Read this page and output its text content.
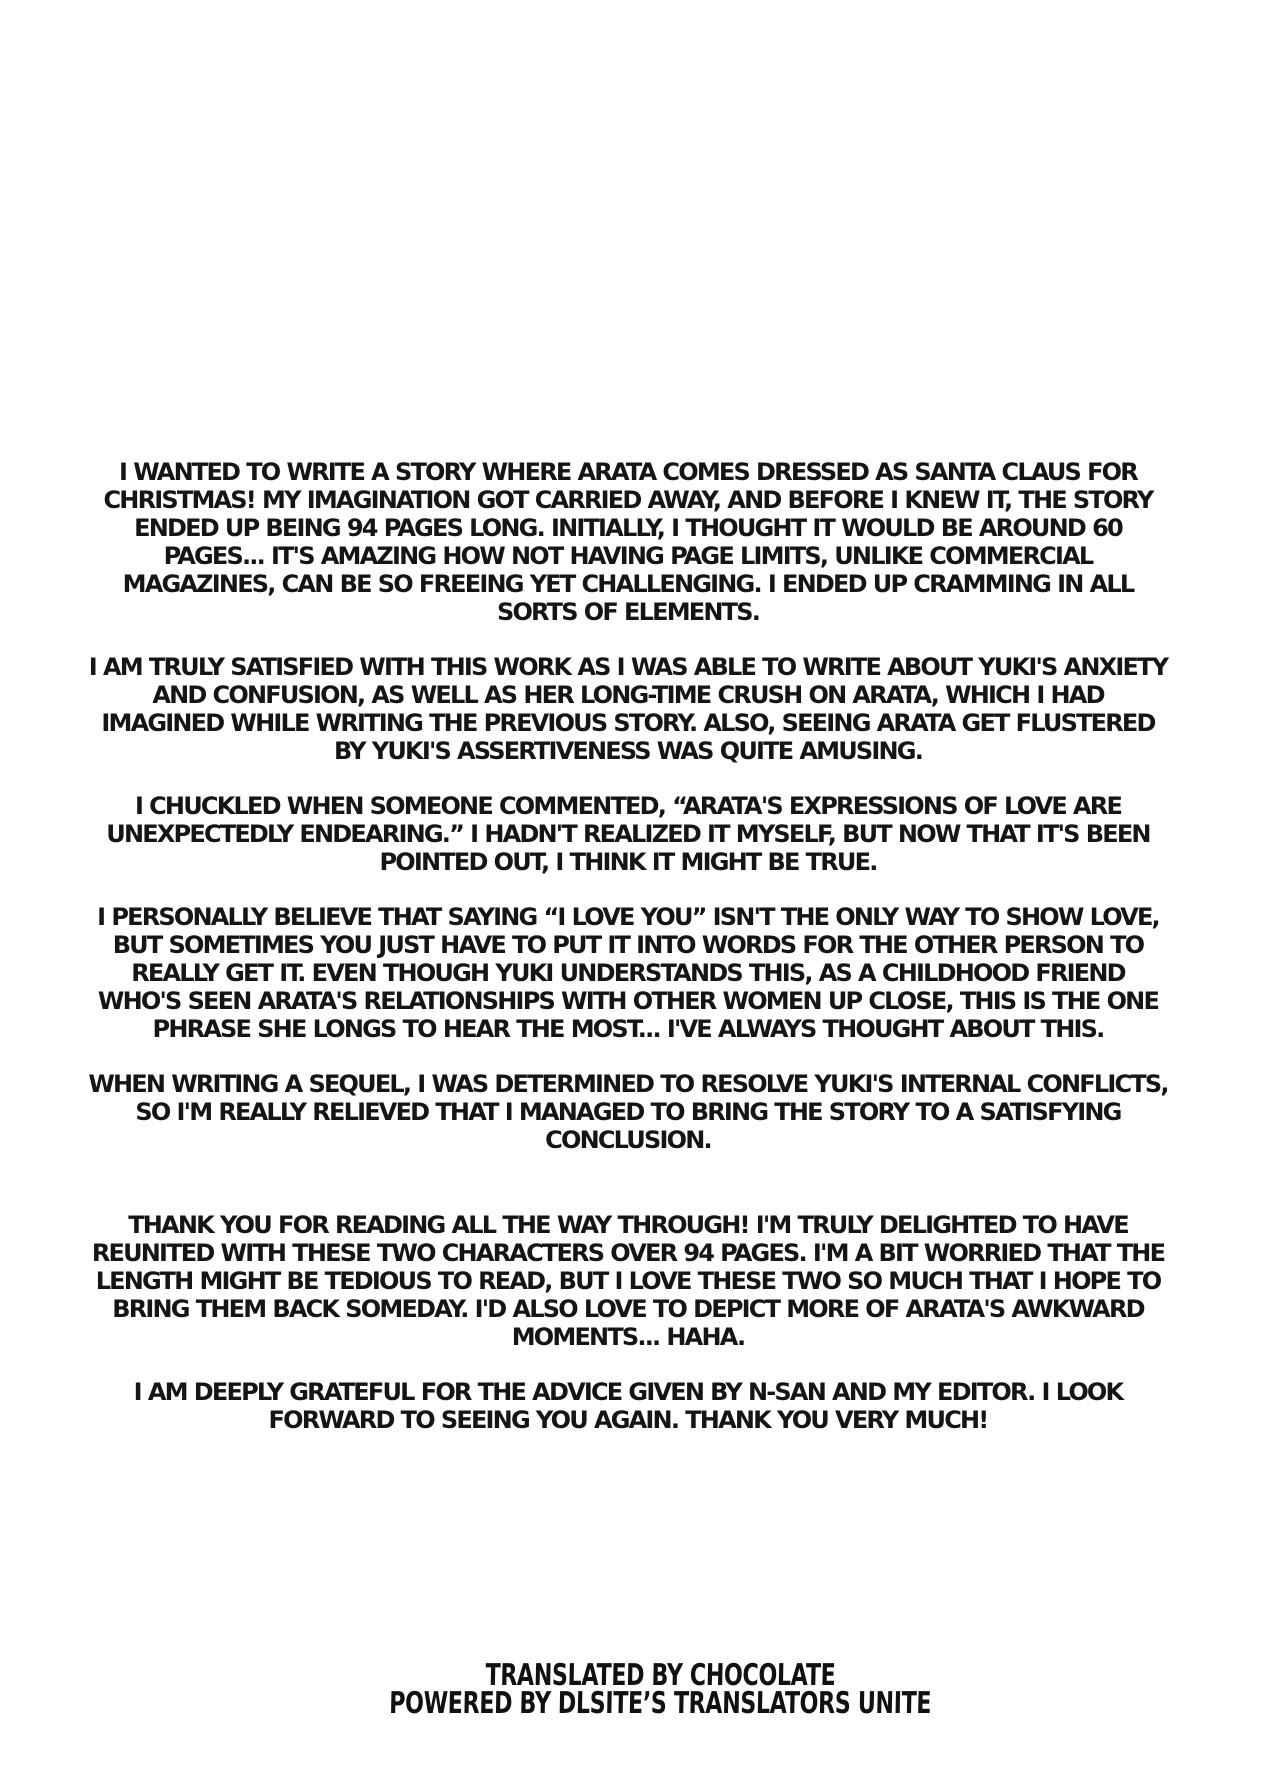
I WANTED TO WRITE A STORY WHERE ARATA COMES DRESSED AS SANTA CLAUS FOR CHRISTMAS! MY IMAGINATION GOT CARRIED AWAY, AND BEFORE I KNEW IT, THE STORY ENDED UP BEING 94 PAGES LONG. INITIALLY, I THOUGHT IT WOULD BE AROUND 60 PAGES... IT'S AMAZING HOW NOT HAVING PAGE LIMITS, UNLIKE COMMERCIAL MAGAZINES, CAN BE SO FREEING YET CHALLENGING. I ENDED UP CRAMMING IN ALL SORTS OF ELEMENTS.

I AM TRULY SATISFIED WITH THIS WORK AS I WAS ABLE TO WRITE ABOUT YUKI'S ANXIETY AND CONFUSION, AS WELL AS HER LONG-TIME CRUSH ON ARATA, WHICH I HAD IMAGINED WHILE WRITING THE PREVIOUS STORY. ALSO, SEEING ARATA GET FLUSTERED BY YUKI'S ASSERTIVENESS WAS QUITE AMUSING.

I CHUCKLED WHEN SOMEONE COMMENTED, “ARATA'S EXPRESSIONS OF LOVE ARE UNEXPECTEDLY ENDEARING.” I HADN'T REALIZED IT MYSELF, BUT NOW THAT IT'S BEEN POINTED OUT, I THINK IT MIGHT BE TRUE.

I PERSONALLY BELIEVE THAT SAYING “I LOVE YOU” ISN'T THE ONLY WAY TO SHOW LOVE, BUT SOMETIMES YOU JUST HAVE TO PUT IT INTO WORDS FOR THE OTHER PERSON TO REALLY GET IT. EVEN THOUGH YUKI UNDERSTANDS THIS, AS A CHILDHOOD FRIEND WHO'S SEEN ARATA'S RELATIONSHIPS WITH OTHER WOMEN UP CLOSE, THIS IS THE ONE PHRASE SHE LONGS TO HEAR THE MOST... I'VE ALWAYS THOUGHT ABOUT THIS.

WHEN WRITING A SEQUEL, I WAS DETERMINED TO RESOLVE YUKI'S INTERNAL CONFLICTS, SO I'M REALLY RELIEVED THAT I MANAGED TO BRING THE STORY TO A SATISFYING CONCLUSION.

THANK YOU FOR READING ALL THE WAY THROUGH! I'M TRULY DELIGHTED TO HAVE REUNITED WITH THESE TWO CHARACTERS OVER 94 PAGES. I'M A BIT WORRIED THAT THE LENGTH MIGHT BE TEDIOUS TO READ, BUT I LOVE THESE TWO SO MUCH THAT I HOPE TO BRING THEM BACK SOMEDAY. I'D ALSO LOVE TO DEPICT MORE OF ARATA'S AWKWARD MOMENTS... HAHA.

I AM DEEPLY GRATEFUL FOR THE ADVICE GIVEN BY N-SAN AND MY EDITOR. I LOOK FORWARD TO SEEING YOU AGAIN. THANK YOU VERY MUCH!

TRANSLATED BY CHOCOLATE
POWERED BY DLSITE’S TRANSLATORS UNITE
